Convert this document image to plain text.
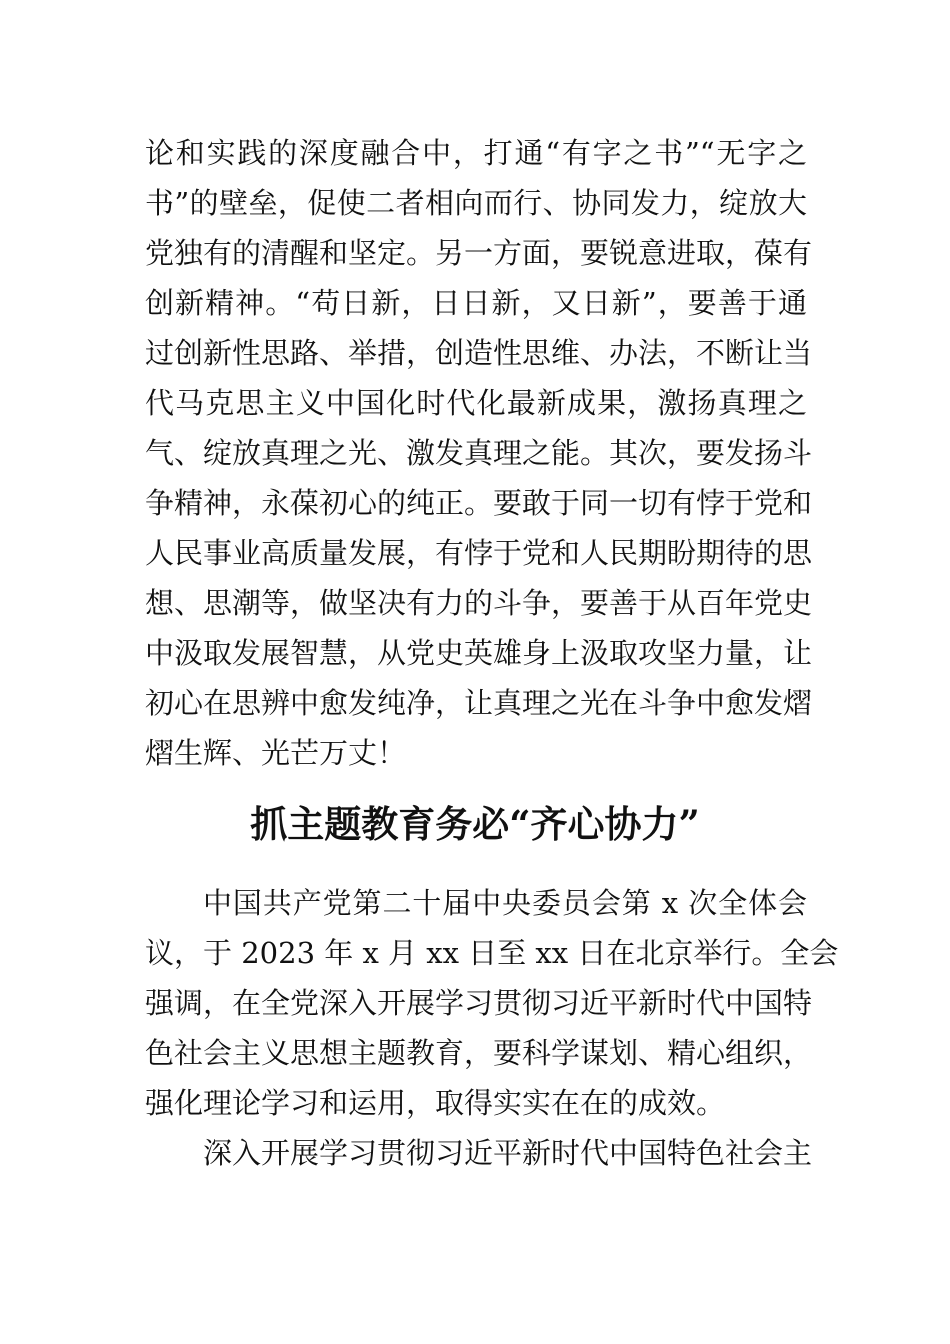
论和实践的深度融合中，打通“有字之书”“无字之
书”的壁垒，促使二者相向而行、协同发力，绽放大
党独有的清醒和坚定。另一方面，要锐意进取，葆有
创新精神。“苟日新，日日新，又日新”，要善于通
过创新性思路、举措，创造性思维、办法，不断让当
代马克思主义中国化时代化最新成果，激扬真理之
气、绽放真理之光、激发真理之能。其次，要发扬斗
争精神，永葆初心的纯正。要敢于同一切有悖于党和
人民事业高质量发展，有悖于党和人民期盼期待的思
想、思潮等，做坚决有力的斗争，要善于从百年党史
中汲取发展智慧，从党史英雄身上汲取攻坚力量，让
初心在思辨中愈发纯净，让真理之光在斗争中愈发熠
熠生辉、光芒万丈！
抓主题教育务必“齐心协力”
中国共产党第二十届中央委员会第 x 次全体会
议，于 2023 年 x 月 xx 日至 xx 日在北京举行。全会
强调，在全党深入开展学习贯彻习近平新时代中国特
色社会主义思想主题教育，要科学谋划、精心组织，
强化理论学习和运用，取得实实在在的成效。
深入开展学习贯彻习近平新时代中国特色社会主
